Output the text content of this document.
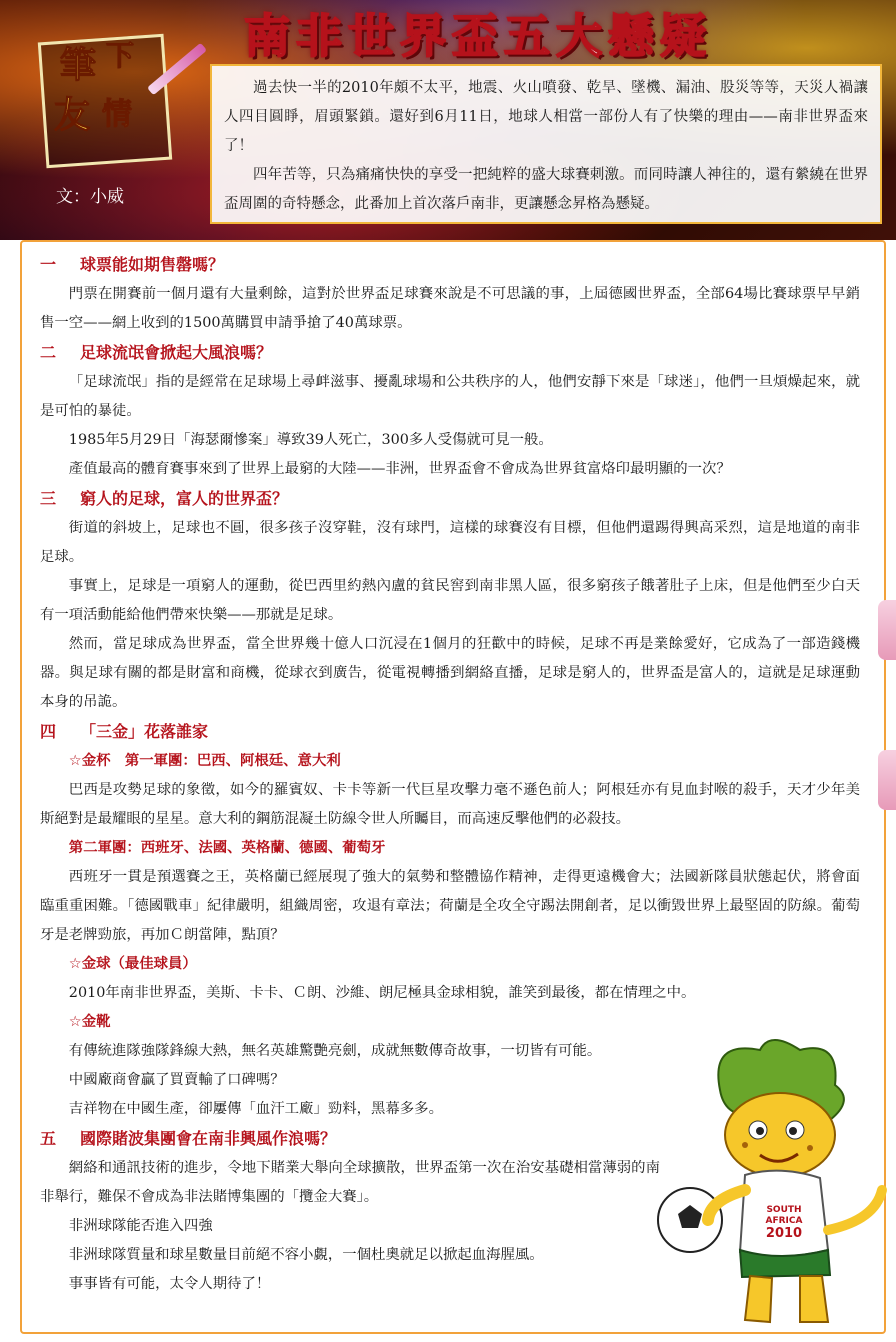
南非世界盃五大懸疑
筆 下
友 情
文：小威

過去快一半的2010年頗不太平，地震、火山噴發、乾旱、墜機、漏油、股災等等，天災人禍讓人四目圓睜，眉頭緊鎖。還好到6月11日，地球人相當一部份人有了快樂的理由——南非世界盃來了！

四年苦等，只為痛痛快快的享受一把純粹的盛大球賽刺激。而同時讓人神往的，還有縈繞在世界盃周圍的奇特懸念，此番加上首次落戶南非，更讓懸念昇格為懸疑。

一 球票能如期售罄嗎？

門票在開賽前一個月還有大量剩餘，這對於世界盃足球賽來說是不可思議的事，上屆德國世界盃，全部64場比賽球票早早銷售一空——網上收到的1500萬購買申請爭搶了40萬球票。

二 足球流氓會掀起大風浪嗎？

「足球流氓」指的是經常在足球場上尋衅滋事、擾亂球場和公共秩序的人，他們安靜下來是「球迷」，他們一旦煩燥起來，就是可怕的暴徒。

1985年5月29日「海瑟爾慘案」導致39人死亡，300多人受傷就可見一般。

產值最高的體育賽事來到了世界上最窮的大陸——非洲，世界盃會不會成為世界貧富烙印最明顯的一次？

三 窮人的足球，富人的世界盃？

街道的斜坡上，足球也不圓，很多孩子沒穿鞋，沒有球門，這樣的球賽沒有目標，但他們還踢得興高采烈，這是地道的南非足球。

事實上，足球是一項窮人的運動，從巴西里約熱內盧的貧民窖到南非黑人區，很多窮孩子餓著肚子上床，但是他們至少白天有一項活動能給他們帶來快樂——那就是足球。

然而，當足球成為世界盃，當全世界幾十億人口沉浸在1個月的狂歡中的時候，足球不再是業餘愛好，它成為了一部造錢機器。與足球有關的都是財富和商機，從球衣到廣告，從電視轉播到網絡直播，足球是窮人的，世界盃是富人的，這就是足球運動本身的吊詭。

四 「三金」花落誰家

☆金杯　第一軍團：巴西、阿根廷、意大利

巴西是攻勢足球的象徵，如今的羅賓奴、卡卡等新一代巨星攻擊力毫不遜色前人；阿根廷亦有見血封喉的殺手，天才少年美斯絕對是最耀眼的星星。意大利的鋼筋混凝土防線令世人所矚目，而高速反擊他們的必殺技。

第二軍團：西班牙、法國、英格蘭、德國、葡萄牙

西班牙一貫是預選賽之王，英格蘭已經展現了強大的氣勢和整體協作精神，走得更遠機會大；法國新隊員狀態起伏，將會面臨重重困難。「德國戰車」紀律嚴明，組織周密，攻退有章法；荷蘭是全攻全守踢法開創者，足以衝毀世界上最堅固的防線。葡萄牙是老牌勁旅，再加Ｃ朗當陣，點頂？

☆金球（最佳球員）

2010年南非世界盃，美斯、卡卡、Ｃ朗、沙維、朗尼極具金球相貌，誰笑到最後，都在情理之中。

☆金靴

有傳統進隊強隊鋒線大熱，無名英雄驚艷亮劍，成就無數傳奇故事，一切皆有可能。

中國廠商會贏了買賣輸了口碑嗎？

吉祥物在中國生產，卻屢傳「血汗工廠」勁料，黑幕多多。

五 國際賭波集團會在南非興風作浪嗎？

網絡和通訊技術的進步，令地下賭業大舉向全球擴散，世界盃第一次在治安基礎相當薄弱的南非舉行，難保不會成為非法賭博集團的「攬金大賽」。

非洲球隊能否進入四強

非洲球隊質量和球星數量目前絕不容小覷，一個杜奧就足以掀起血海腥風。

事事皆有可能，太令人期待了！

SOUTH
AFRICA
2010
